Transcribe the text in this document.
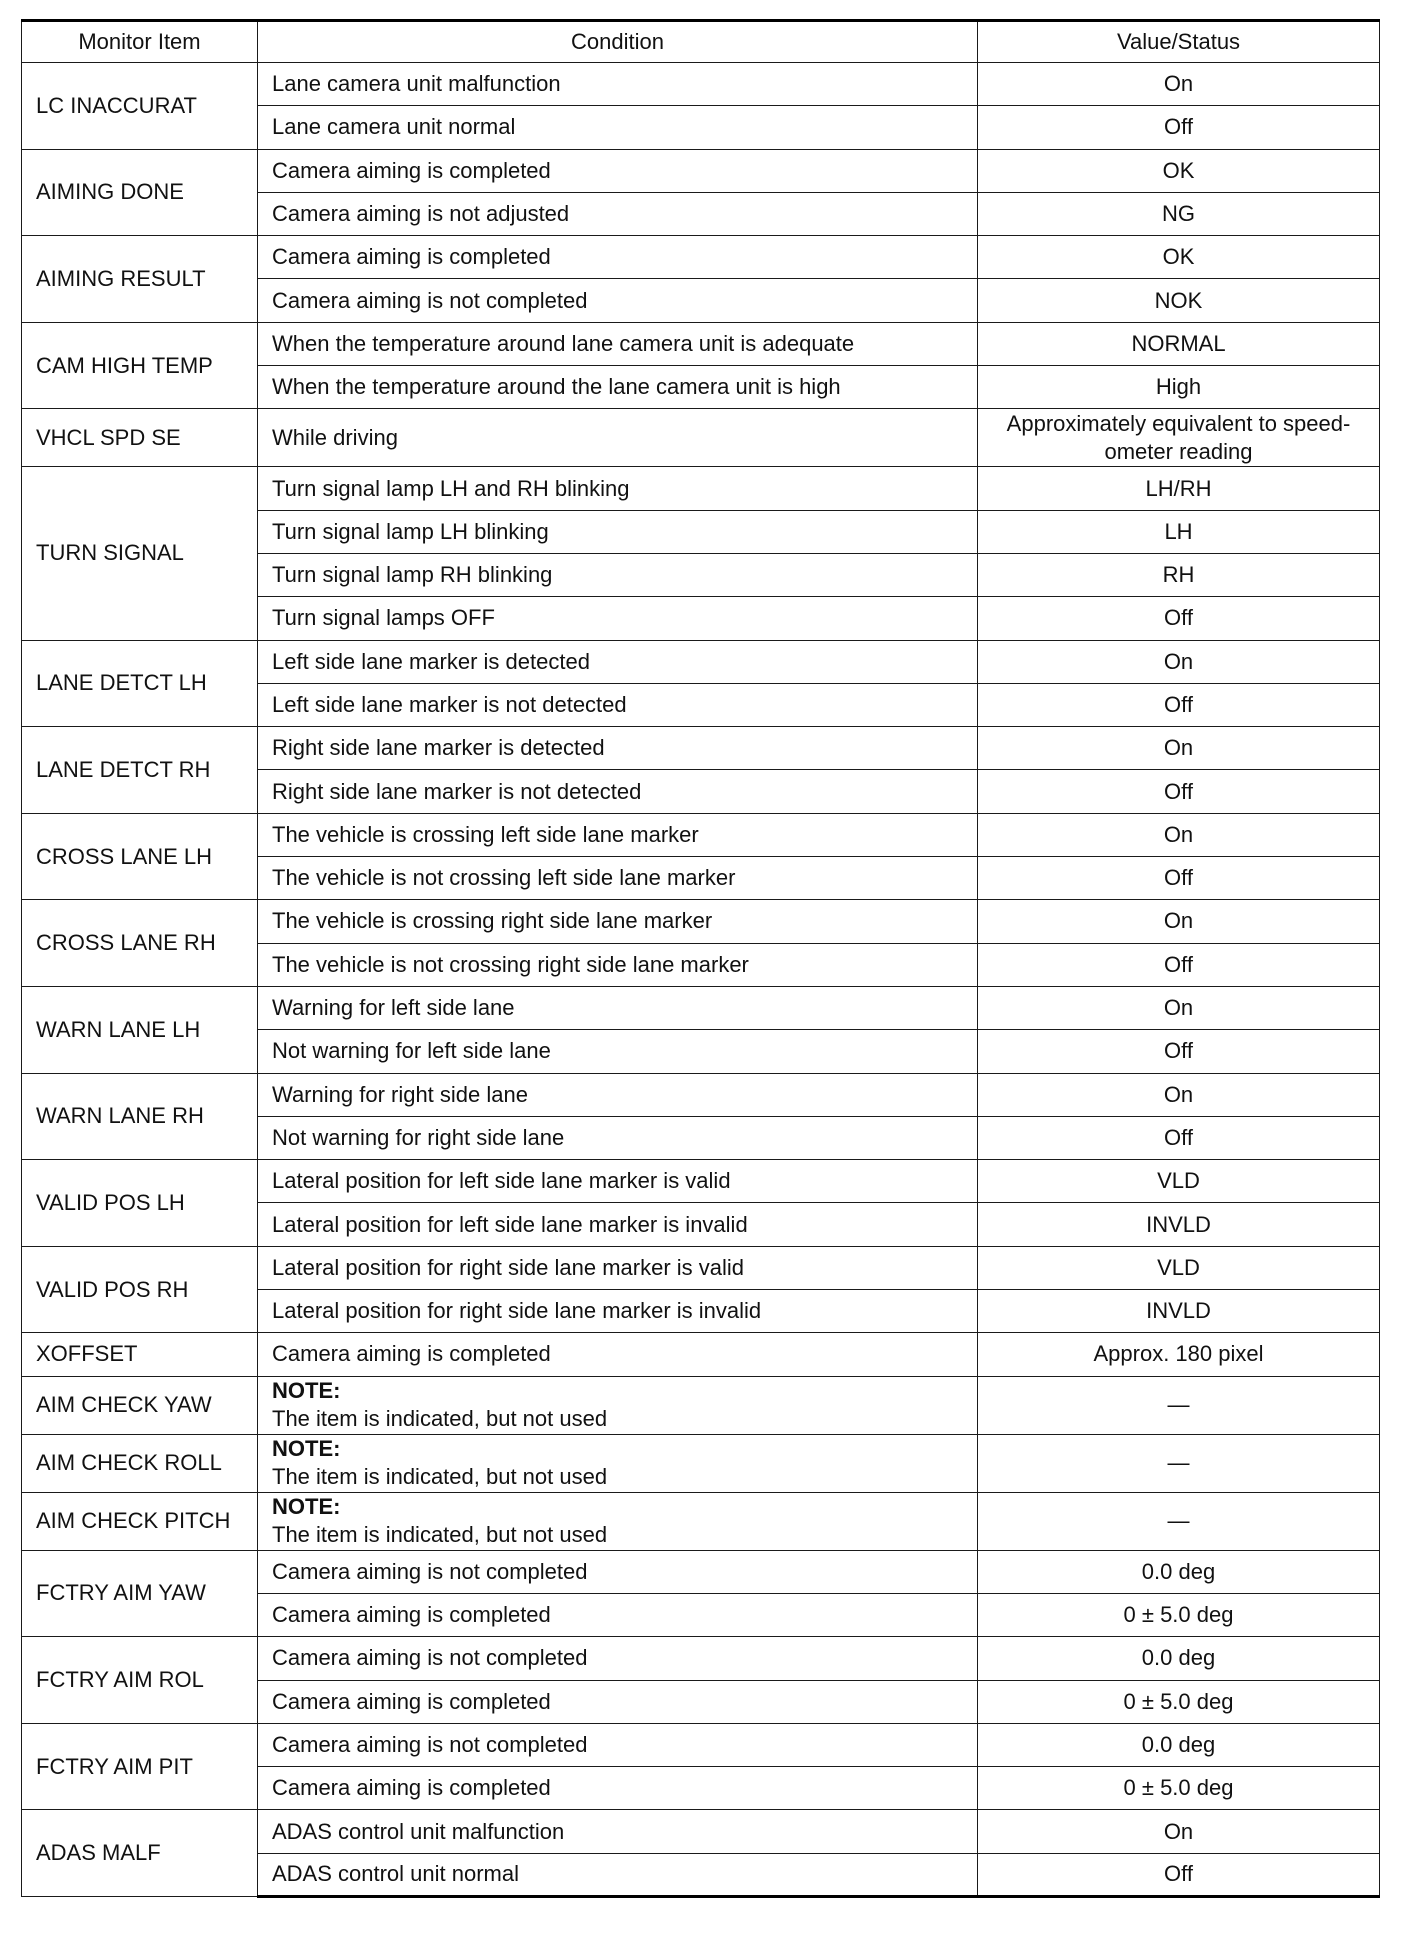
Monitor Item	Condition	Value/Status
LC INACCURAT	Lane camera unit malfunction	On
	Lane camera unit normal	Off
AIMING DONE	Camera aiming is completed	OK
	Camera aiming is not adjusted	NG
AIMING RESULT	Camera aiming is completed	OK
	Camera aiming is not completed	NOK
CAM HIGH TEMP	When the temperature around lane camera unit is adequate	NORMAL
	When the temperature around the lane camera unit is high	High
VHCL SPD SE	While driving	Approximately equivalent to speed-ometer reading
TURN SIGNAL	Turn signal lamp LH and RH blinking	LH/RH
	Turn signal lamp LH blinking	LH
	Turn signal lamp RH blinking	RH
	Turn signal lamps OFF	Off
LANE DETCT LH	Left side lane marker is detected	On
	Left side lane marker is not detected	Off
LANE DETCT RH	Right side lane marker is detected	On
	Right side lane marker is not detected	Off
CROSS LANE LH	The vehicle is crossing left side lane marker	On
	The vehicle is not crossing left side lane marker	Off
CROSS LANE RH	The vehicle is crossing right side lane marker	On
	The vehicle is not crossing right side lane marker	Off
WARN LANE LH	Warning for left side lane	On
	Not warning for left side lane	Off
WARN LANE RH	Warning for right side lane	On
	Not warning for right side lane	Off
VALID POS LH	Lateral position for left side lane marker is valid	VLD
	Lateral position for left side lane marker is invalid	INVLD
VALID POS RH	Lateral position for right side lane marker is valid	VLD
	Lateral position for right side lane marker is invalid	INVLD
XOFFSET	Camera aiming is completed	Approx. 180 pixel
AIM CHECK YAW	NOTE:
The item is indicated, but not used	—
AIM CHECK ROLL	NOTE:
The item is indicated, but not used	—
AIM CHECK PITCH	NOTE:
The item is indicated, but not used	—
FCTRY AIM YAW	Camera aiming is not completed	0.0 deg
	Camera aiming is completed	0 ± 5.0 deg
FCTRY AIM ROL	Camera aiming is not completed	0.0 deg
	Camera aiming is completed	0 ± 5.0 deg
FCTRY AIM PIT	Camera aiming is not completed	0.0 deg
	Camera aiming is completed	0 ± 5.0 deg
ADAS MALF	ADAS control unit malfunction	On
	ADAS control unit normal	Off
